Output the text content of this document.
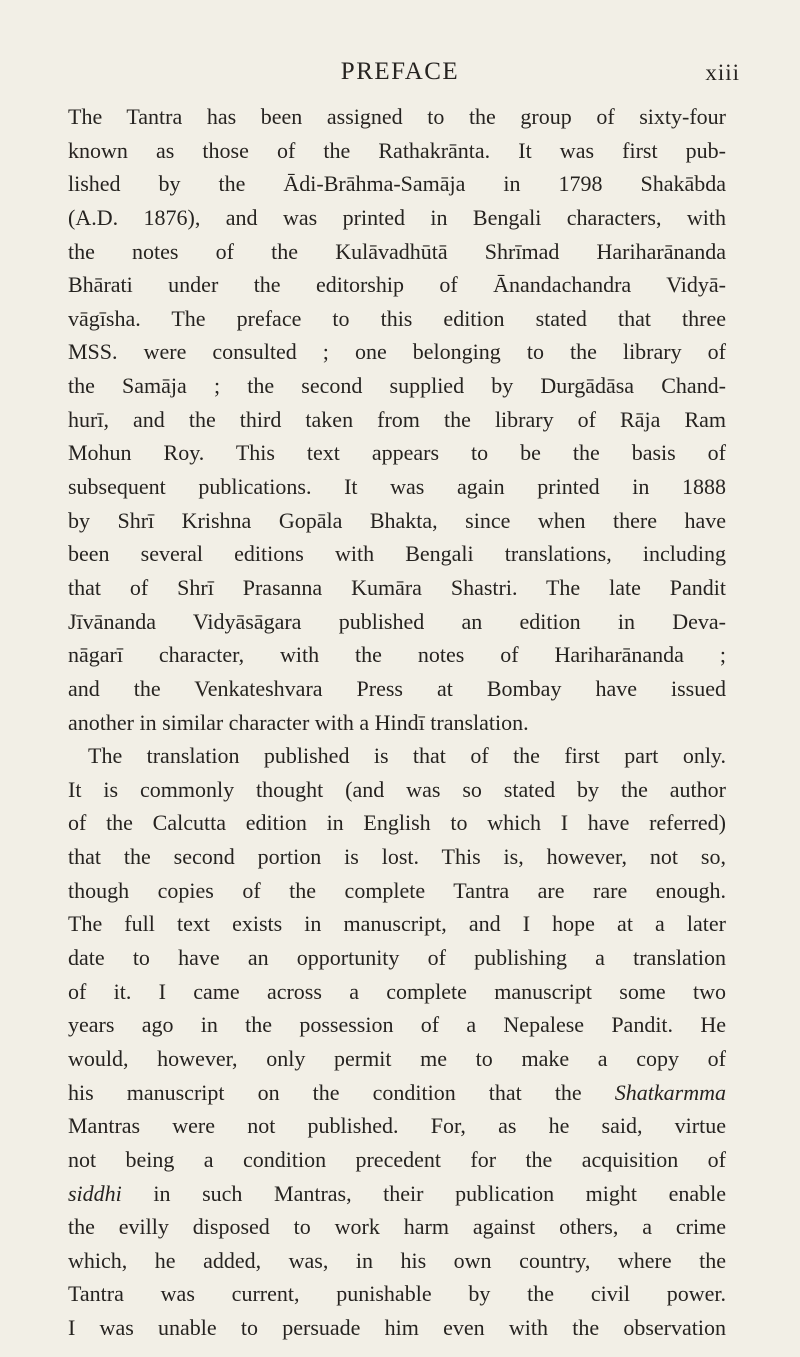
PREFACE	xiii
The Tantra has been assigned to the group of sixty-four
known as those of the Rathakrānta. It was first pub-
lished by the Ādi-Brāhma-Samāja in 1798 Shakābda
(A.D. 1876), and was printed in Bengali characters, with
the notes of the Kulāvadhūtā Shrīmad Hariharānanda
Bhārati under the editorship of Ānandachandra Vidyā-
vāgīsha. The preface to this edition stated that three
MSS. were consulted ; one belonging to the library of
the Samāja ; the second supplied by Durgādāsa Chand-
hurī, and the third taken from the library of Rāja Ram
Mohun Roy. This text appears to be the basis of
subsequent publications. It was again printed in 1888
by Shrī Krishna Gopāla Bhakta, since when there have
been several editions with Bengali translations, including
that of Shrī Prasanna Kumāra Shastri. The late Pandit
Jīvānanda Vidyāsāgara published an edition in Deva-
nāgarī character, with the notes of Hariharānanda ;
and the Venkateshvara Press at Bombay have issued
another in similar character with a Hindī translation.
The translation published is that of the first part only.
It is commonly thought (and was so stated by the author
of the Calcutta edition in English to which I have referred)
that the second portion is lost. This is, however, not so,
though copies of the complete Tantra are rare enough.
The full text exists in manuscript, and I hope at a later
date to have an opportunity of publishing a translation
of it. I came across a complete manuscript some two
years ago in the possession of a Nepalese Pandit. He
would, however, only permit me to make a copy of
his manuscript on the condition that the Shatkarmma
Mantras were not published. For, as he said, virtue
not being a condition precedent for the acquisition of
siddhi in such Mantras, their publication might enable
the evilly disposed to work harm against others, a crime
which, he added, was, in his own country, where the
Tantra was current, punishable by the civil power.
I was unable to persuade him even with the observation
